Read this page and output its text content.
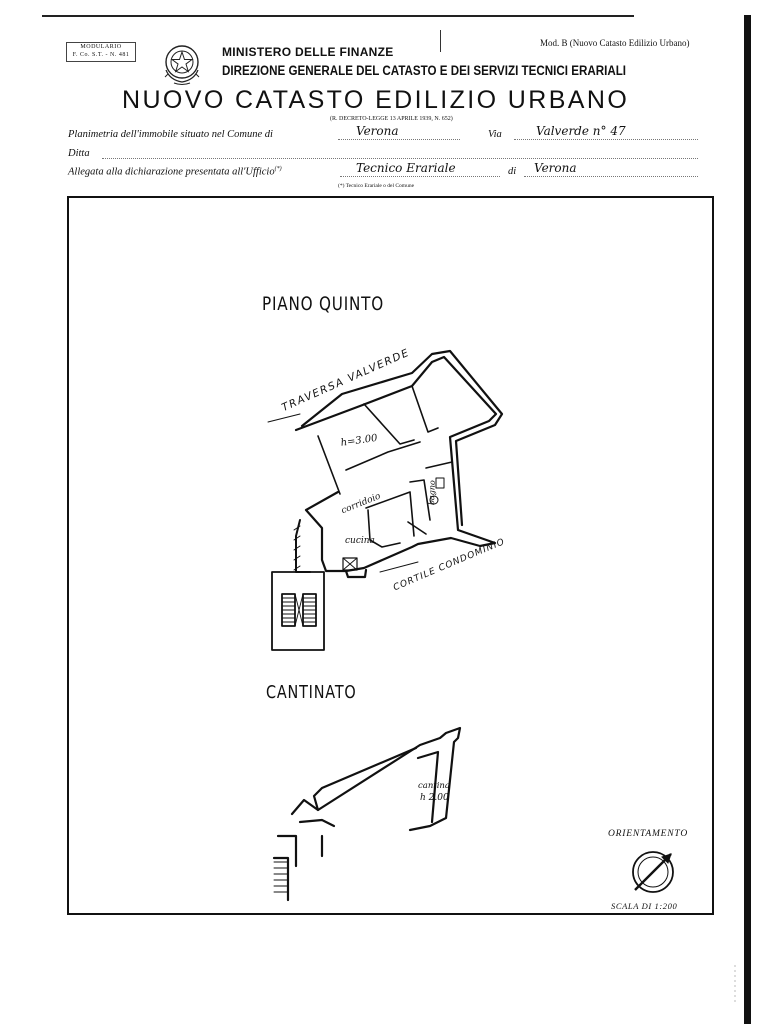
MODULARIO
F. Co. S.T. - N. 481
Mod. B (Nuovo Catasto Edilizio Urbano)
MINISTERO DELLE FINANZE
DIREZIONE GENERALE DEL CATASTO E DEI SERVIZI TECNICI ERARIALI
NUOVO CATASTO EDILIZIO URBANO
(R. DECRETO-LEGGE 13 APRILE 1939, N. 652)
Planimetria dell'immobile situato nel Comune di	Verona	Via	Valverde n° 47
Ditta
Allegata alla dichiarazione presentata all'Ufficio(*)	Tecnico Erariale	di Verona
(*) Tecnico Erariale o del Comune
PIANO QUINTO
TRAVERSA VALVERDE
h=3.00
corridoio	bagno
cucina CORTILE CONDOMINIO
CANTINATO
cantina
h 2.00
ORIENTAMENTO
SCALA DI 1:200
